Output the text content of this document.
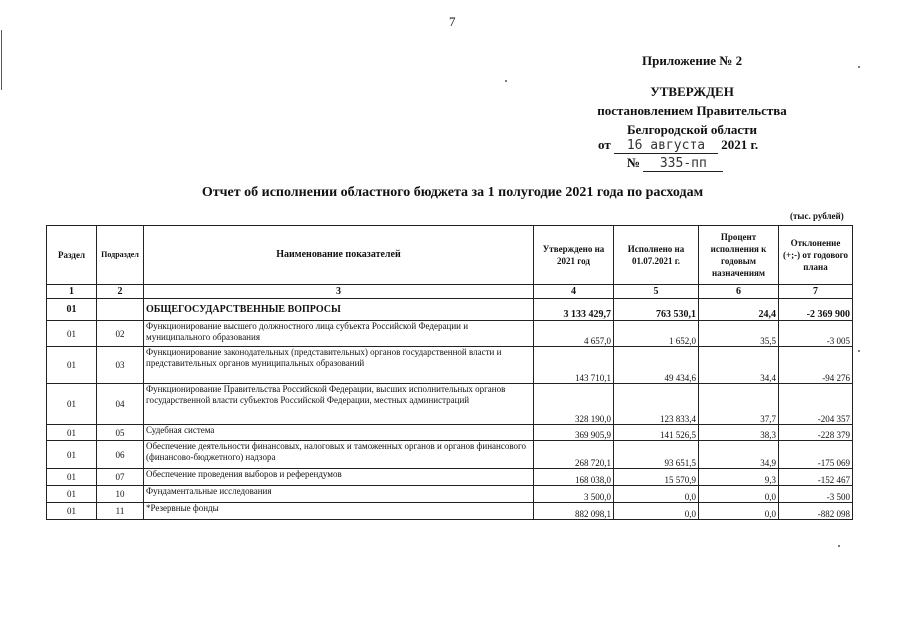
7
Приложение № 2
УТВЕРЖДЕН
постановлением Правительства
Белгородской области
от 16 августа 2021 г.
№ 335-пп
Отчет об исполнении областного бюджета за 1 полугодие 2021 года по расходам
(тыс. рублей)
Раздел	Подраздел	Наименование показателей	Утверждено на 2021 год	Исполнено на 01.07.2021 г.	Процент исполнения к годовым назначениям	Отклонение (+;-) от годового плана
1	2	3	4	5	6	7
01		ОБЩЕГОСУДАРСТВЕННЫЕ ВОПРОСЫ	3 133 429,7	763 530,1	24,4	-2 369 900
01	02	Функционирование высшего должностного лица субъекта Российской Федерации и муниципального образования	4 657,0	1 652,0	35,5	-3 005
01	03	Функционирование законодательных (представительных) органов государственной власти и представительных органов муниципальных образований	143 710,1	49 434,6	34,4	-94 276
01	04	Функционирование Правительства Российской Федерации, высших исполнительных органов государственной власти субъектов Российской Федерации, местных администраций	328 190,0	123 833,4	37,7	-204 357
01	05	Судебная система	369 905,9	141 526,5	38,3	-228 379
01	06	Обеспечение деятельности финансовых, налоговых и таможенных органов и органов финансового (финансово-бюджетного) надзора	268 720,1	93 651,5	34,9	-175 069
01	07	Обеспечение проведения выборов и референдумов	168 038,0	15 570,9	9,3	-152 467
01	10	Фундаментальные исследования	3 500,0	0,0	0,0	-3 500
01	11	*Резервные фонды	882 098,1	0,0	0,0	-882 098
